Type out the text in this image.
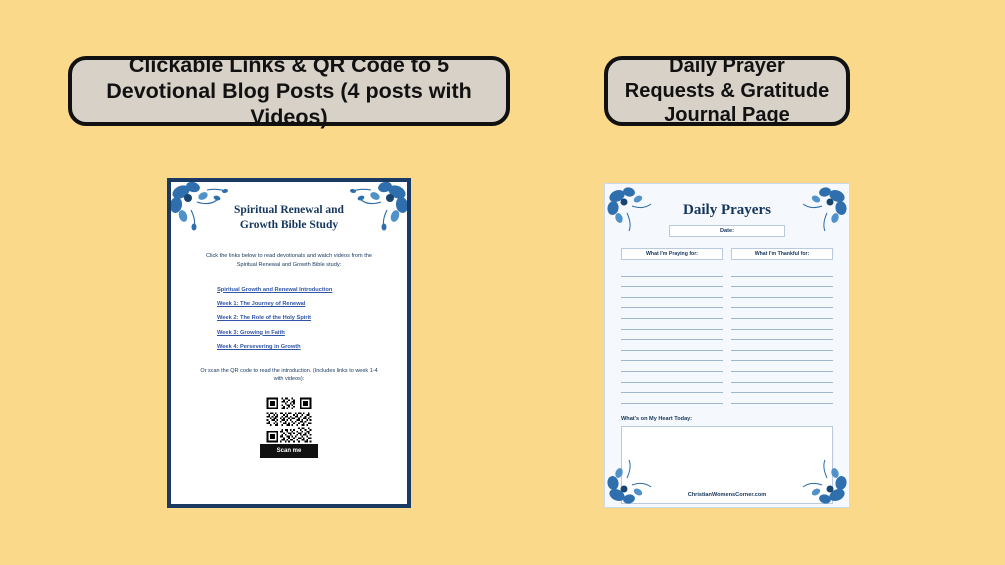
Clickable Links & QR Code to 5 Devotional Blog Posts (4 posts with Videos)
Daily Prayer Requests & Gratitude Journal Page
Spiritual Renewal and Growth Bible Study
Click the links below to read devotionals and watch videos from the Spiritual Renewal and Growth Bible study:
Spiritual Growth and Renewal Introduction
Week 1: The Journey of Renewal
Week 2: The Role of the Holy Spirit
Week 3: Growing in Faith
Week 4: Persevering in Growth
Or scan the QR code to read the introduction. (Includes links to week 1-4 with videos):
Scan me
Daily Prayers
Date:
What I'm Praying for:	What I'm Thankful for:
What's on My Heart Today:
ChristianWomensCorner.com
